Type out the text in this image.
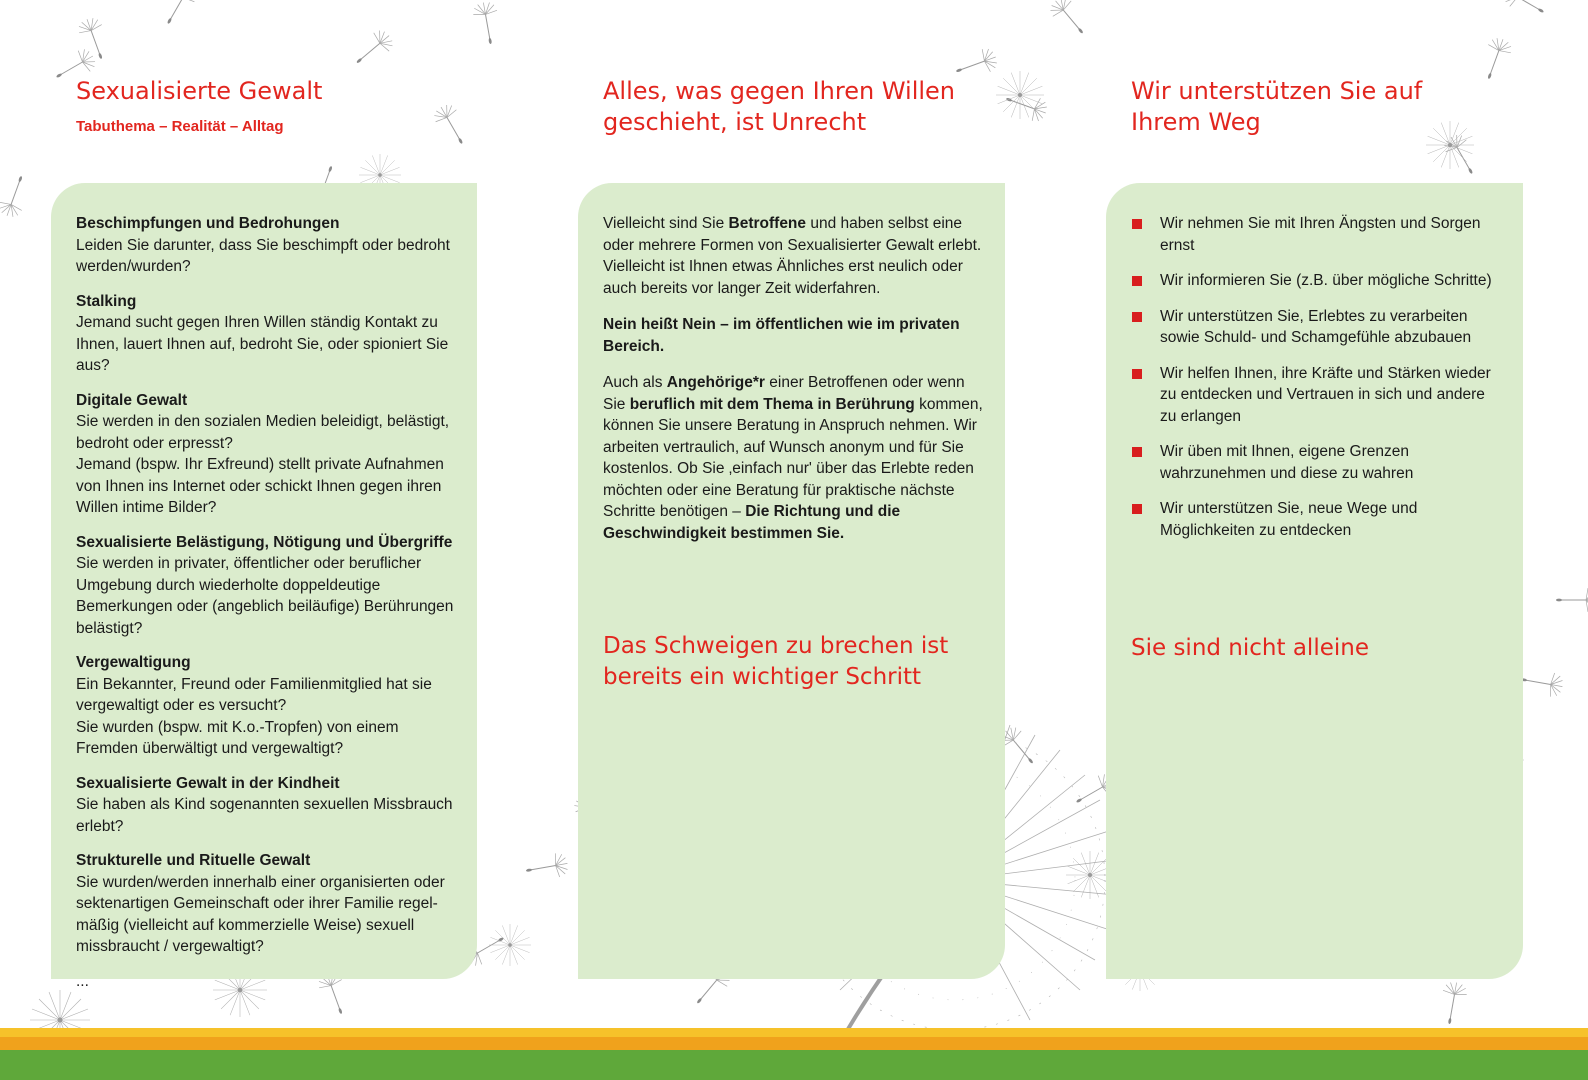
Sexualisierte Gewalt
Tabuthema – Realität – Alltag
Beschimpfungen und Bedrohungen
Leiden Sie darunter, dass Sie beschimpft oder bedroht werden/wurden?
Stalking
Jemand sucht gegen Ihren Willen ständig Kontakt zu Ihnen, lauert Ihnen auf, bedroht Sie, oder spioniert Sie aus?
Digitale Gewalt
Sie werden in den sozialen Medien beleidigt, belästigt, bedroht oder erpresst?
Jemand (bspw. Ihr Exfreund) stellt private Aufnahmen von Ihnen ins Internet oder schickt Ihnen gegen ihren Willen intime Bilder?
Sexualisierte Belästigung, Nötigung und Übergriffe
Sie werden in privater, öffentlicher oder beruflicher Umgebung durch wiederholte doppeldeutige Bemerkungen oder (angeblich beiläufige) Berührungen belästigt?
Vergewaltigung
Ein Bekannter, Freund oder Familienmitglied hat sie vergewaltigt oder es versucht?
Sie wurden (bspw. mit K.o.-Tropfen) von einem Fremden überwältigt und vergewaltigt?
Sexualisierte Gewalt in der Kindheit
Sie haben als Kind sogenannten sexuellen Missbrauch erlebt?
Strukturelle und Rituelle Gewalt
Sie wurden/werden innerhalb einer organisierten oder sektenartigen Gemeinschaft oder ihrer Familie regel-mäßig (vielleicht auf kommerzielle Weise) sexuell missbraucht / vergewaltigt?
...
Alles, was gegen Ihren Willen
geschieht, ist Unrecht
Vielleicht sind Sie Betroffene und haben selbst eine oder mehrere Formen von Sexualisierter Gewalt erlebt. Vielleicht ist Ihnen etwas Ähnliches erst neulich oder auch bereits vor langer Zeit widerfahren.
Nein heißt Nein – im öffentlichen wie im privaten Bereich.
Auch als Angehörige*r einer Betroffenen oder wenn Sie beruflich mit dem Thema in Berührung kommen, können Sie unsere Beratung in Anspruch nehmen. Wir arbeiten vertraulich, auf Wunsch anonym und für Sie kostenlos. Ob Sie ‚einfach nur' über das Erlebte reden möchten oder eine Beratung für praktische nächste Schritte benötigen – Die Richtung und die Geschwindigkeit bestimmen Sie.
Das Schweigen zu brechen ist
bereits ein wichtiger Schritt
Wir unterstützen Sie auf
Ihrem Weg
Wir nehmen Sie mit Ihren Ängsten und Sorgen ernst
Wir informieren Sie (z.B. über mögliche Schritte)
Wir unterstützen Sie, Erlebtes zu verarbeiten sowie Schuld- und Schamgefühle abzubauen
Wir helfen Ihnen, ihre Kräfte und Stärken wieder zu entdecken und Vertrauen in sich und andere zu erlangen
Wir üben mit Ihnen, eigene Grenzen wahrzunehmen und diese zu wahren
Wir unterstützen Sie, neue Wege und Möglichkeiten zu entdecken
Sie sind nicht alleine
